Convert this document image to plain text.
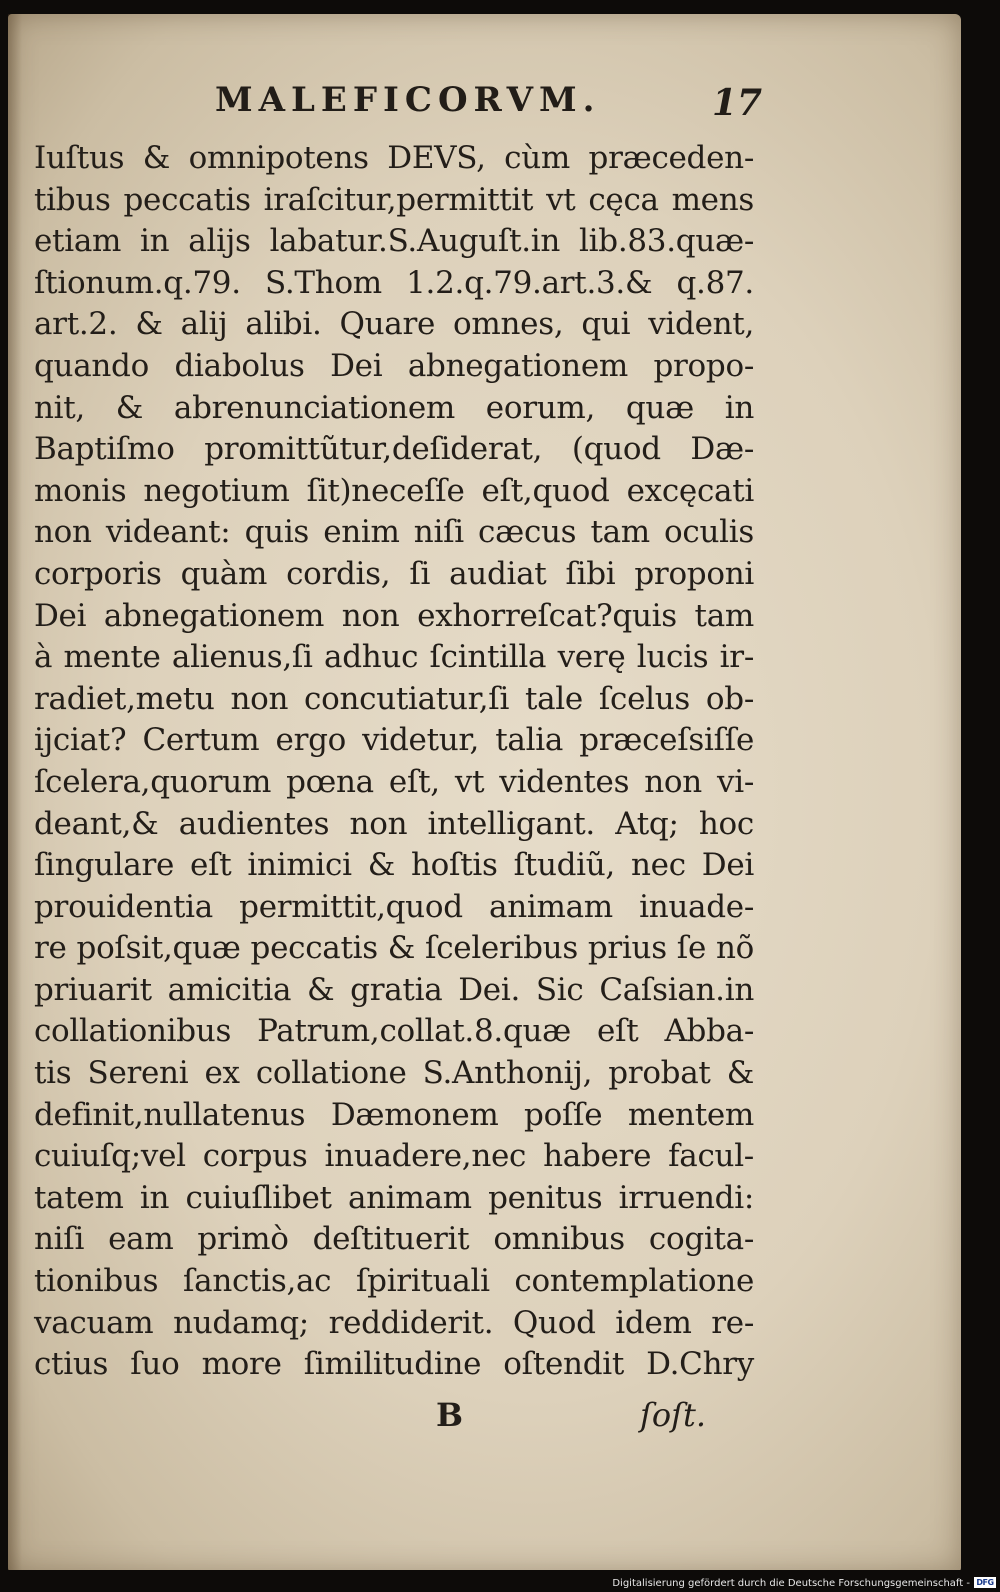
MALEFICORVM.	17
Iuſtus & omnipotens DEVS, cùm præceden-
tibus peccatis iraſcitur,permittit vt cęca mens
etiam in alijs labatur.S.Auguſt.in lib.83.quæ-
ſtionum.q.79. S.Thom 1.2.q.79.art.3.& q.87.
art.2. & alij alibi. Quare omnes, qui vident,
quando diabolus Dei abnegationem propo-
nit, & abrenunciationem eorum, quæ in
Baptiſmo promittũtur,deſiderat, (quod Dæ-
monis negotium ſit)neceſſe eſt,quod excęcati
non videant: quis enim niſi cæcus tam oculis
corporis quàm cordis, ſi audiat ſibi proponi
Dei abnegationem non exhorreſcat?quis tam
à mente alienus,ſi adhuc ſcintilla verę lucis ir-
radiet,metu non concutiatur,ſi tale ſcelus ob-
ijciat? Certum ergo videtur, talia præceſsiſſe
ſcelera,quorum pœna eſt, vt videntes non vi-
deant,& audientes non intelligant. Atq; hoc
ſingulare eſt inimici & hoſtis ſtudiũ, nec Dei
prouidentia permittit,quod animam inuade-
re poſsit,quæ peccatis & ſceleribus prius ſe nõ
priuarit amicitia & gratia Dei. Sic Caſsian.in
collationibus Patrum,collat.8.quæ eſt Abba-
tis Sereni ex collatione S.Anthonij, probat &
definit,nullatenus Dæmonem poſſe mentem
cuiuſq;vel corpus inuadere,nec habere facul-
tatem in cuiuſlibet animam penitus irruendi:
niſi eam primò deſtituerit omnibus cogita-
tionibus ſanctis,ac ſpirituali contemplatione
vacuam nudamq; reddiderit. Quod idem re-
ctius ſuo more ſimilitudine oſtendit D.Chry
B	ſoſt.
Digitalisierung gefördert durch die Deutsche Forschungsgemeinschaft - DFG
